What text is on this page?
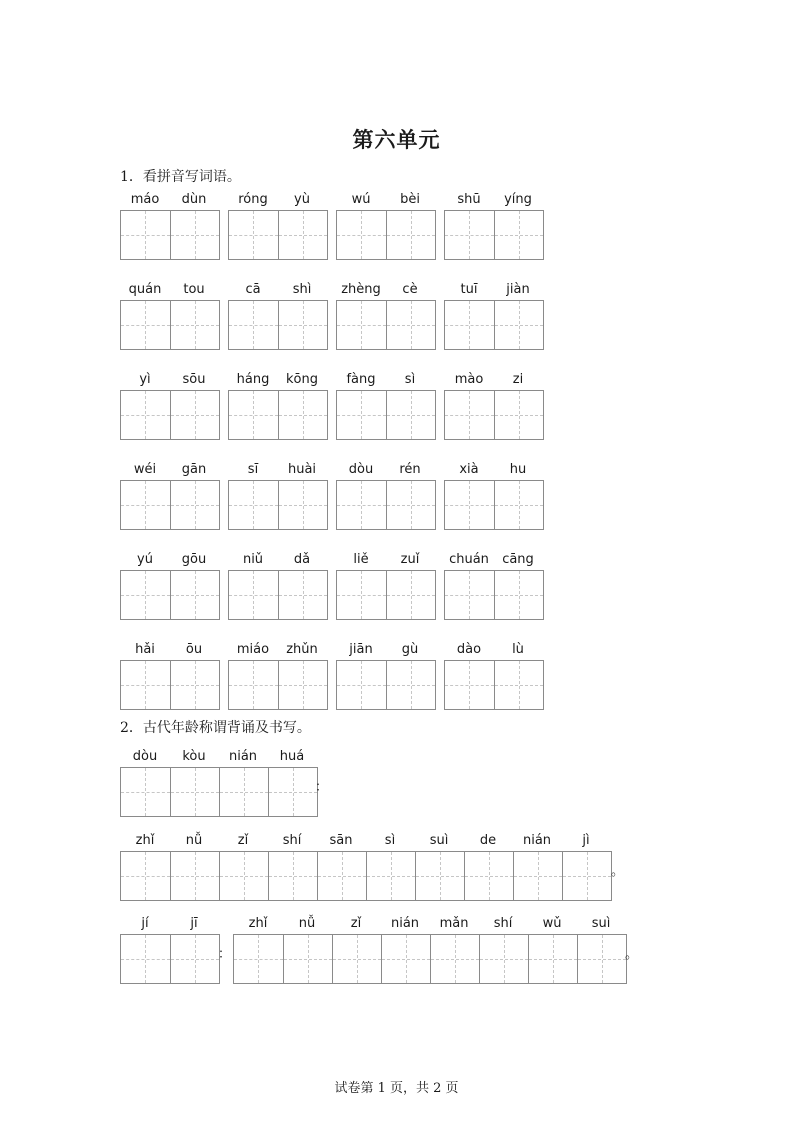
第六单元
1．看拼音写词语。
máo	dùn	róng	yù	wú	bèi	shū	yíng
quán	tou	cā	shì	zhèng	cè	tuī	jiàn
yì	sōu	háng	kōng	fàng	sì	mào	zi
wéi	gān	sī	huài	dòu	rén	xià	hu
yú	gōu	niǔ	dǎ	liě	zuǐ	chuán	cāng
hǎi	ōu	miáo	zhǔn	jiān	gù	dào	lù
2．古代年龄称谓背诵及书写。
dòu	kòu	nián	huá
：
zhǐ	nǚ	zǐ	shí	sān	sì	suì	de	nián	jì
。
jí	jī
：
zhǐ	nǚ	zǐ	nián	mǎn	shí	wǔ	suì
。
试卷第 1 页，共 2 页
